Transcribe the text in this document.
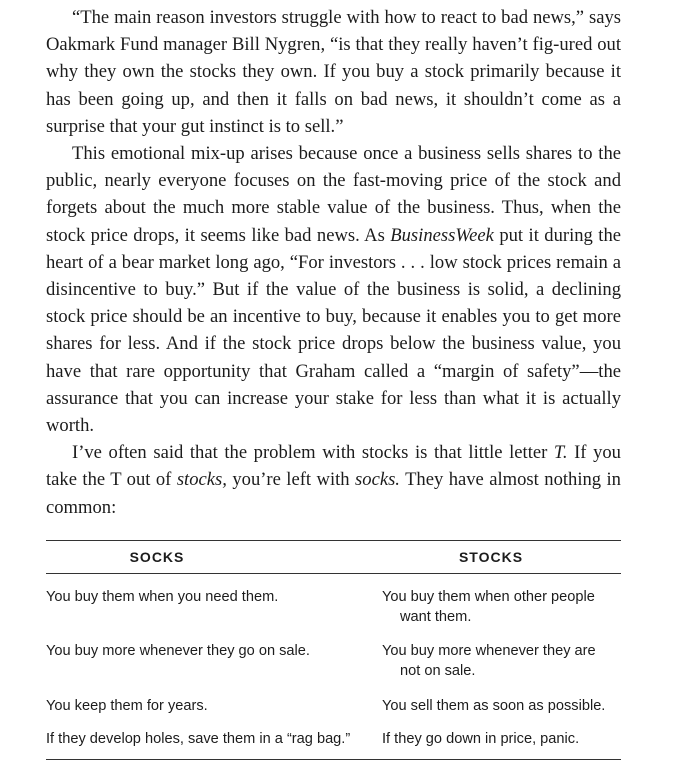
“The main reason investors struggle with how to react to bad news,” says Oakmark Fund manager Bill Nygren, “is that they really haven’t fig-ured out why they own the stocks they own. If you buy a stock primarily because it has been going up, and then it falls on bad news, it shouldn’t come as a surprise that your gut instinct is to sell.”

This emotional mix-up arises because once a business sells shares to the public, nearly everyone focuses on the fast-moving price of the stock and forgets about the much more stable value of the business. Thus, when the stock price drops, it seems like bad news. As BusinessWeek put it during the heart of a bear market long ago, “For investors . . . low stock prices remain a disincentive to buy.” But if the value of the business is solid, a declining stock price should be an incentive to buy, because it enables you to get more shares for less. And if the stock price drops below the business value, you have that rare opportunity that Graham called a “margin of safety”—the assurance that you can increase your stake for less than what it is actually worth.

I’ve often said that the problem with stocks is that little letter T. If you take the T out of stocks, you’re left with socks. They have almost nothing in common:

SOCKS	STOCKS
You buy them when you need them.	You buy them when other people
want them.
You buy more whenever they go on sale.	You buy more whenever they are
not on sale.
You keep them for years.	You sell them as soon as possible.
If they develop holes, save them in a “rag bag.”	If they go down in price, panic.
